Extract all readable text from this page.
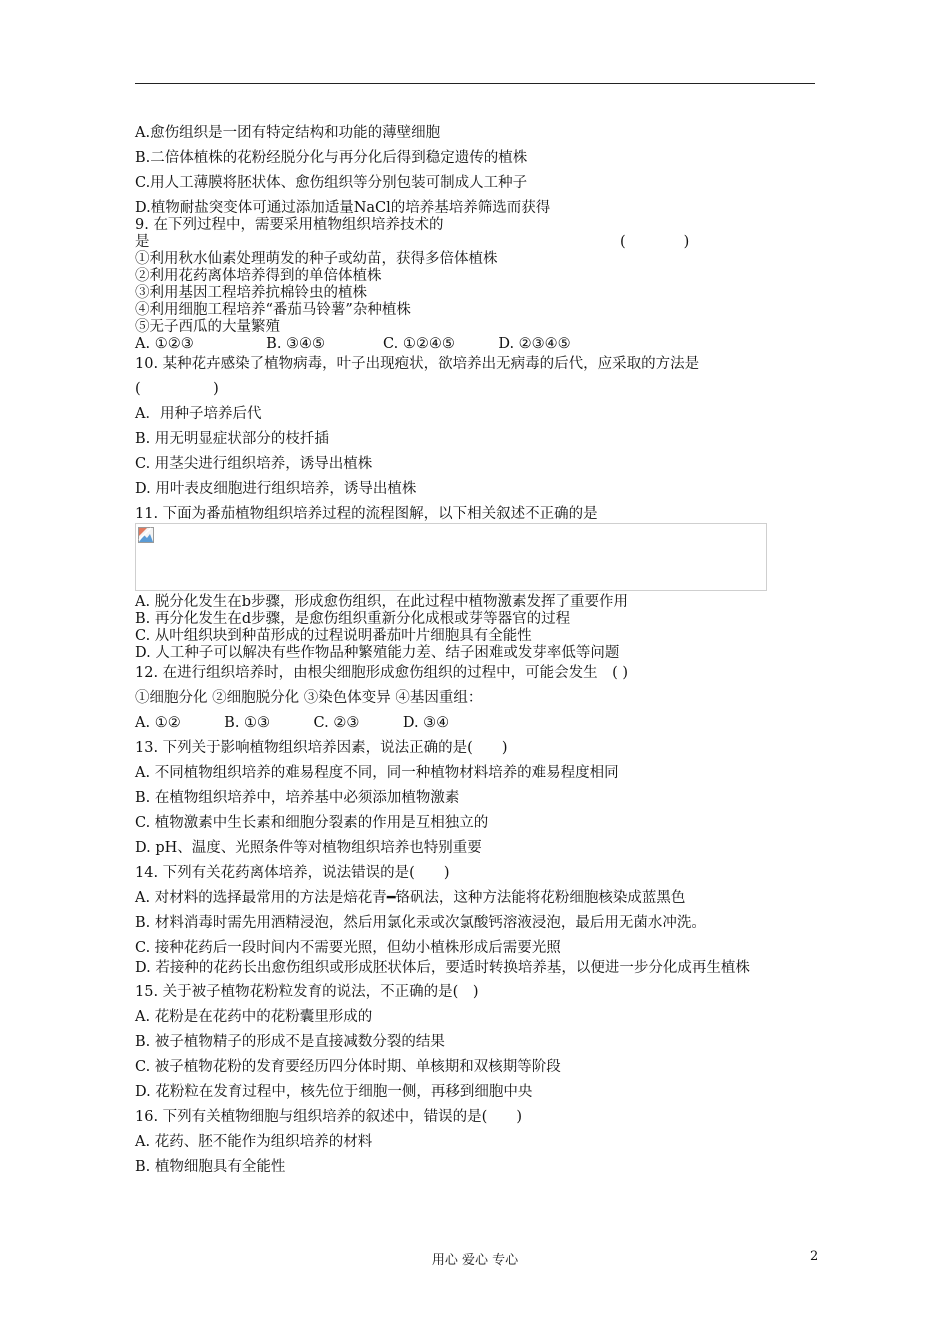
A.愈伤组织是一团有特定结构和功能的薄壁细胞
B.二倍体植株的花粉经脱分化与再分化后得到稳定遗传的植株
C.用人工薄膜将胚状体、愈伤组织等分别包装可制成人工种子
D.植物耐盐突变体可通过添加适量NaCl的培养基培养筛选而获得
9. 在下列过程中，需要采用植物组织培养技术的
是	(　　　　)
①利用秋水仙素处理萌发的种子或幼苗，获得多倍体植株
②利用花药离体培养得到的单倍体植株
③利用基因工程培养抗棉铃虫的植株
④利用细胞工程培养“番茄马铃薯”杂种植株
⑤无子西瓜的大量繁殖
A. ①②③　　　　　B. ③④⑤　　　　C. ①②④⑤　　　D. ②③④⑤
10. 某种花卉感染了植物病毒，叶子出现疱状，欲培养出无病毒的后代，应采取的方法是
(　　　　　)
A．用种子培养后代
B. 用无明显症状部分的枝扦插
C. 用茎尖进行组织培养，诱导出植株
D. 用叶表皮细胞进行组织培养，诱导出植株
11. 下面为番茄植物组织培养过程的流程图解，以下相关叙述不正确的是
A. 脱分化发生在b步骤，形成愈伤组织，在此过程中植物激素发挥了重要作用
B. 再分化发生在d步骤，是愈伤组织重新分化成根或芽等器官的过程
C. 从叶组织块到种苗形成的过程说明番茄叶片细胞具有全能性
D. 人工种子可以解决有些作物品种繁殖能力差、结子困难或发芽率低等问题
12. 在进行组织培养时，由根尖细胞形成愈伤组织的过程中，可能会发生　( )
①细胞分化 ②细胞脱分化 ③染色体变异 ④基因重组：
A. ①②　　　B. ①③　　　C. ②③　　　D. ③④
13. 下列关于影响植物组织培养因素，说法正确的是(　　)
A. 不同植物组织培养的难易程度不同，同一种植物材料培养的难易程度相同
B. 在植物组织培养中，培养基中必须添加植物激素
C. 植物激素中生长素和细胞分裂素的作用是互相独立的
D. pH、温度、光照条件等对植物组织培养也特别重要
14. 下列有关花药离体培养，说法错误的是(　　)
A. 对材料的选择最常用的方法是焙花青━铬矾法，这种方法能将花粉细胞核染成蓝黑色
B. 材料消毒时需先用酒精浸泡，然后用氯化汞或次氯酸钙溶液浸泡，最后用无菌水冲洗。
C. 接种花药后一段时间内不需要光照，但幼小植株形成后需要光照
D. 若接种的花药长出愈伤组织或形成胚状体后，要适时转换培养基，以便进一步分化成再生植株
15. 关于被子植物花粉粒发育的说法，不正确的是(　)
A. 花粉是在花药中的花粉囊里形成的
B. 被子植物精子的形成不是直接减数分裂的结果
C. 被子植物花粉的发育要经历四分体时期、单核期和双核期等阶段
D. 花粉粒在发育过程中，核先位于细胞一侧，再移到细胞中央
16. 下列有关植物细胞与组织培养的叙述中，错误的是(　　)
A. 花药、胚不能作为组织培养的材料
B. 植物细胞具有全能性
用心 爱心 专心	2
